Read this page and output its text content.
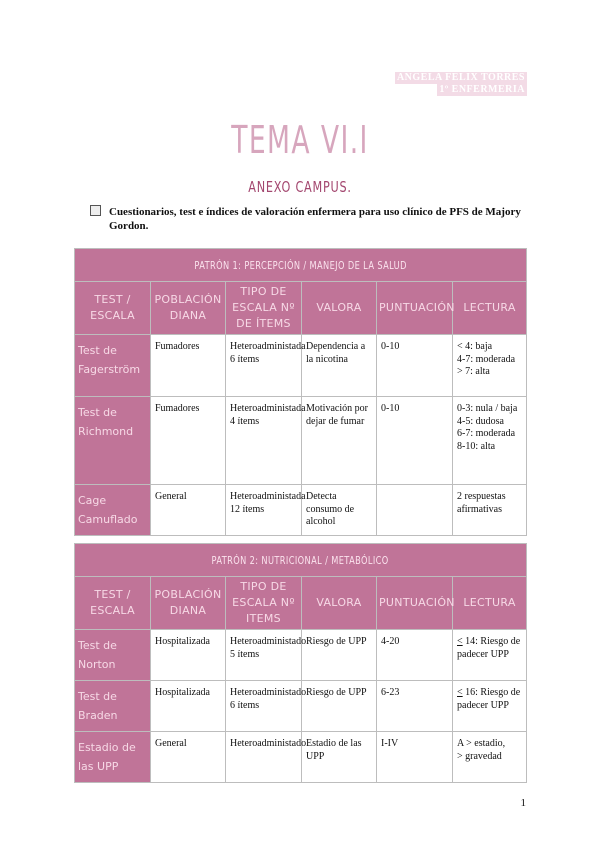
ANGELA FELIX TORRES
1º ENFERMERIA
TEMA VI.I
ANEXO CAMPUS.
Cuestionarios, test e índices de valoración enfermera para uso clínico de PFS de Majory
Gordon.
PATRÓN 1: PERCEPCIÓN / MANEJO DE LA SALUD					
TEST / ESCALA	POBLACIÓN DIANA	TIPO DE ESCALA Nº DE ÍTEMS	VALORA	PUNTUACIÓN	LECTURA
Test de Fagerström	Fumadores	Heteroadministada 6 ítems	Dependencia a la nicotina	0-10	< 4: baja
4-7: moderada
> 7: alta
Test de Richmond	Fumadores	Heteroadministada 4 ítems	Motivación por dejar de fumar	0-10	0-3: nula / baja
4-5: dudosa
6-7: moderada
8-10: alta
Cage Camuflado	General	Heteroadministada 12 ítems	Detecta consumo de alcohol		2 respuestas afirmativas
PATRÓN 2: NUTRICIONAL / METABÓLICO					
TEST / ESCALA	POBLACIÓN DIANA	TIPO DE ESCALA Nº ITEMS	VALORA	PUNTUACIÓN	LECTURA
Test de Norton	Hospitalizada	Heteroadministado 5 ítems	Riesgo de UPP	4-20	≤ 14: Riesgo de padecer UPP
Test de Braden	Hospitalizada	Heteroadministado 6 ítems	Riesgo de UPP	6-23	≤ 16: Riesgo de padecer UPP
Estadio de las UPP	General	Heteroadministado	Estadio de las UPP	I-IV	A > estadio,
> gravedad
1
